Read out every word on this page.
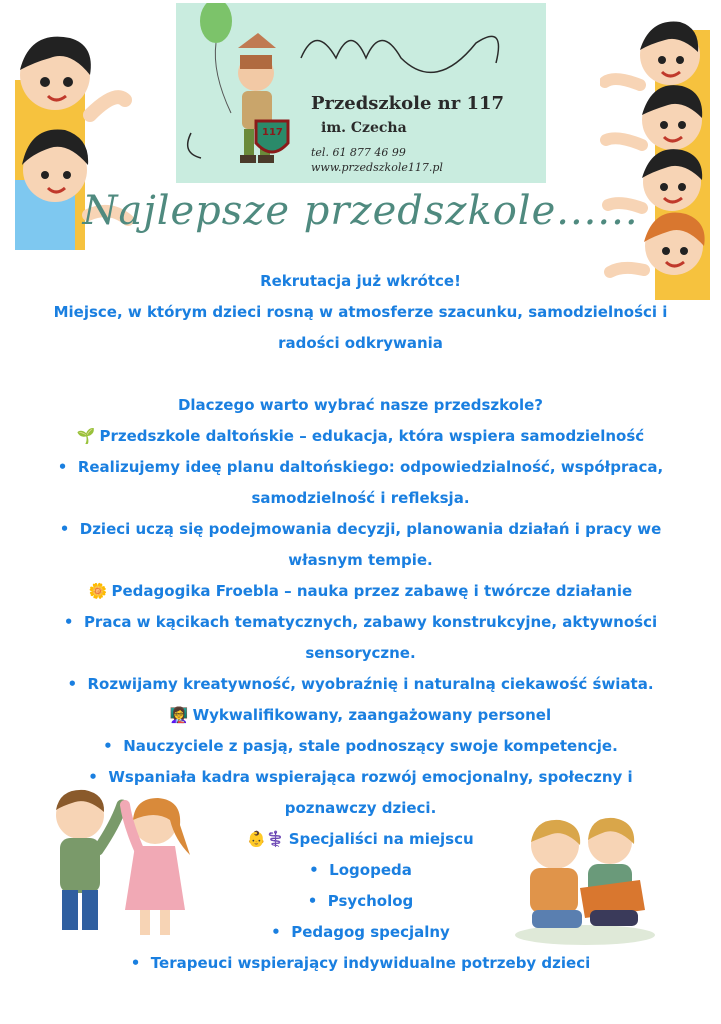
117
Przedszkole nr 117
im. Czecha
tel. 61 877 46 99
www.przedszkole117.pl
Najlepsze przedszkole......

Rekrutacja już wkrótce!

Miejsce, w którym dzieci rosną w atmosferze szacunku, samodzielności i radości odkrywania

Dlaczego warto wybrać nasze przedszkole?

🌱 Przedszkole daltońskie – edukacja, która wspiera samodzielność

•  Realizujemy ideę planu daltońskiego: odpowiedzialność, współpraca, samodzielność i refleksja.

•  Dzieci uczą się podejmowania decyzji, planowania działań i pracy we własnym tempie.

🌼 Pedagogika Froebla – nauka przez zabawę i twórcze działanie

•  Praca w kącikach tematycznych, zabawy konstrukcyjne, aktywności sensoryczne.

•  Rozwijamy kreatywność, wyobraźnię i naturalną ciekawość świata.

👩‍🏫 Wykwalifikowany, zaangażowany personel

•  Nauczyciele z pasją, stale podnoszący swoje kompetencje.

•  Wspaniała kadra wspierająca rozwój emocjonalny, społeczny i poznawczy dzieci.

👶⚕️ Specjaliści na miejscu

•  Logopeda

•  Psycholog

•  Pedagog specjalny

•  Terapeuci wspierający indywidualne potrzeby dzieci
